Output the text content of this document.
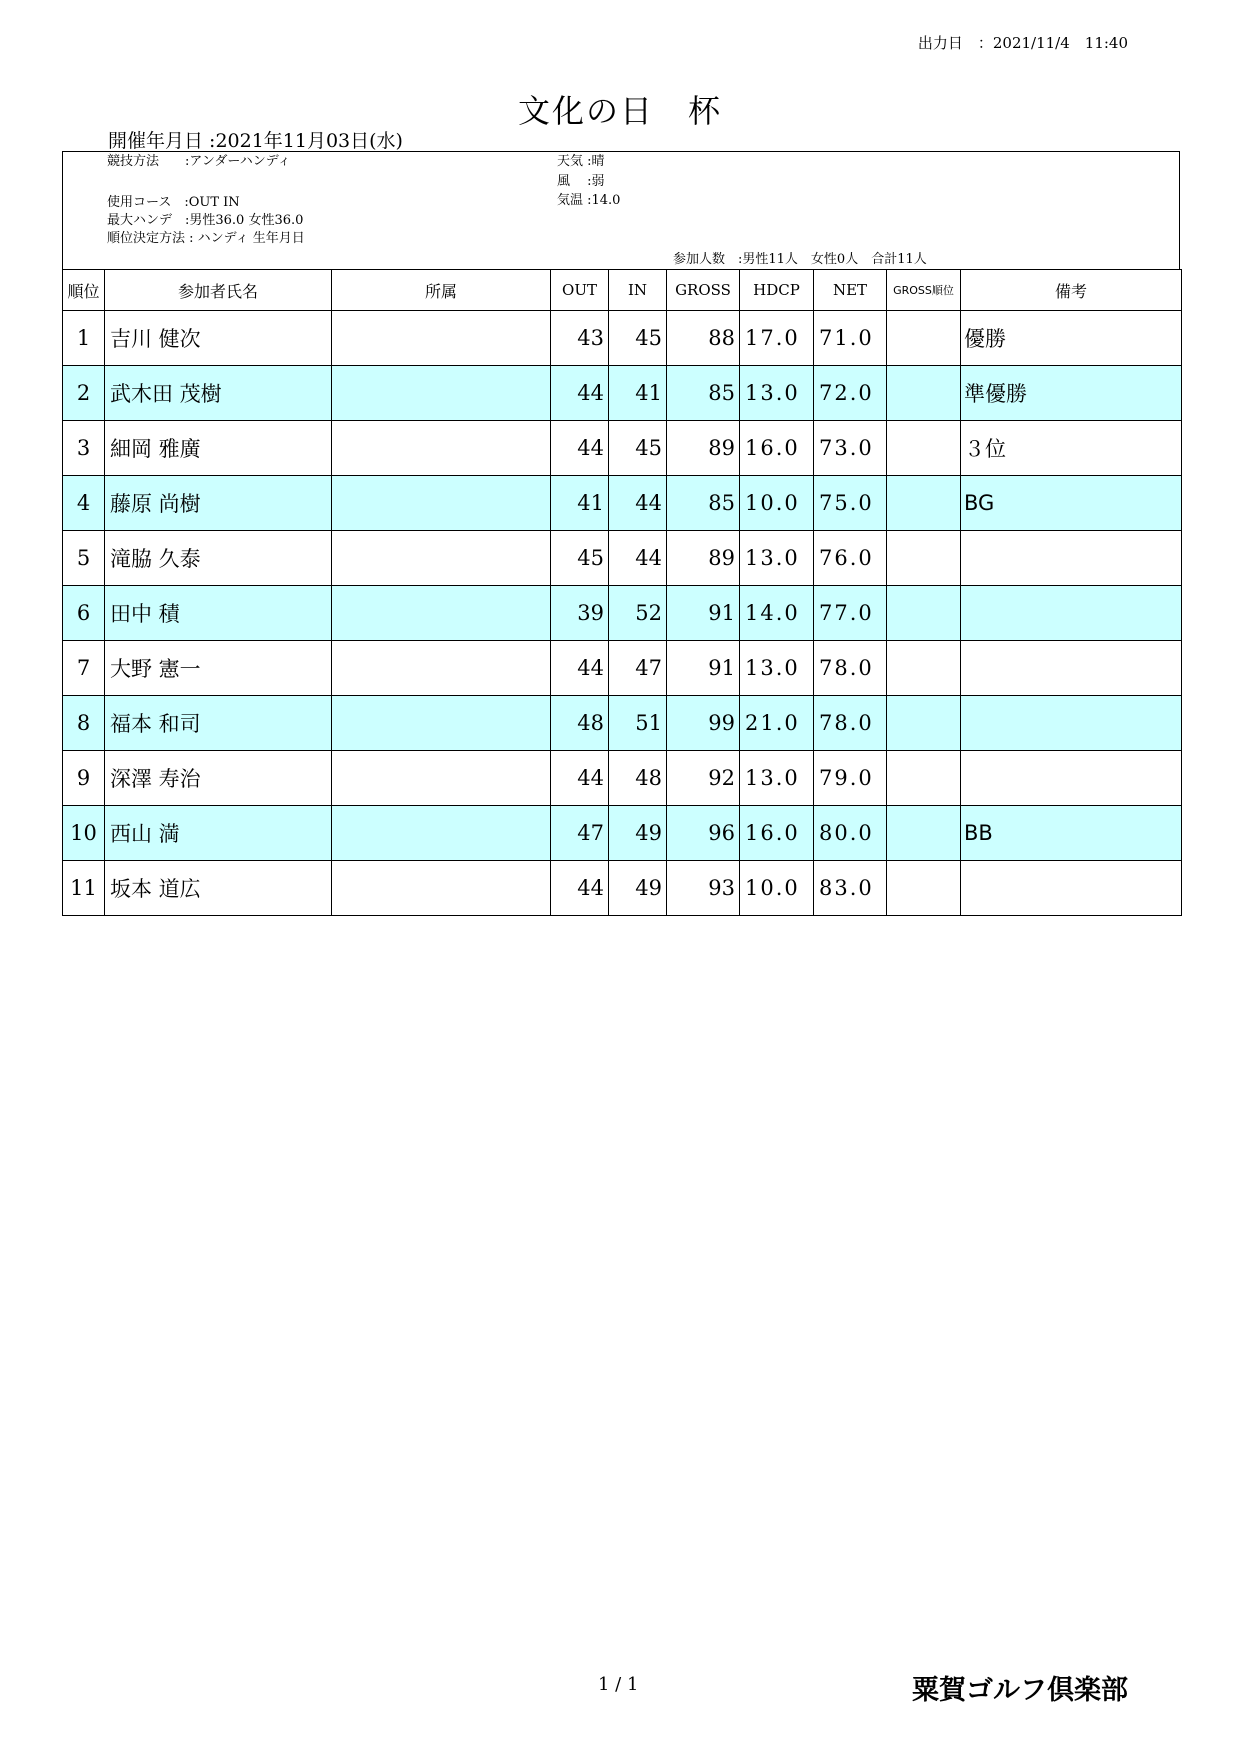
出力日　：2021/11/4　11:40
文化の日　杯
開催年月日 :2021年11月03日(水)
競技方法　　:アンダーハンディ
使用コース　:OUT IN
最大ハンデ　:男性36.0 女性36.0
順位決定方法 : ハンディ 生年月日
天気 :晴
風　 :弱
気温 :14.0
参加人数　:男性11人　女性0人　合計11人
順位	参加者氏名	所属	OUT	IN	GROSS	HDCP	NET	GROSS順位	備考
1	吉川 健次		43	45	88	17.0	71.0		優勝
2	武木田 茂樹		44	41	85	13.0	72.0		準優勝
3	細岡 雅廣		44	45	89	16.0	73.0		３位
4	藤原 尚樹		41	44	85	10.0	75.0		BG
5	滝脇 久泰		45	44	89	13.0	76.0		
6	田中 積		39	52	91	14.0	77.0		
7	大野 憲一		44	47	91	13.0	78.0		
8	福本 和司		48	51	99	21.0	78.0		
9	深澤 寿治		44	48	92	13.0	79.0		
10	西山 満		47	49	96	16.0	80.0		BB
11	坂本 道広		44	49	93	10.0	83.0		
1 / 1	粟賀ゴルフ倶楽部
